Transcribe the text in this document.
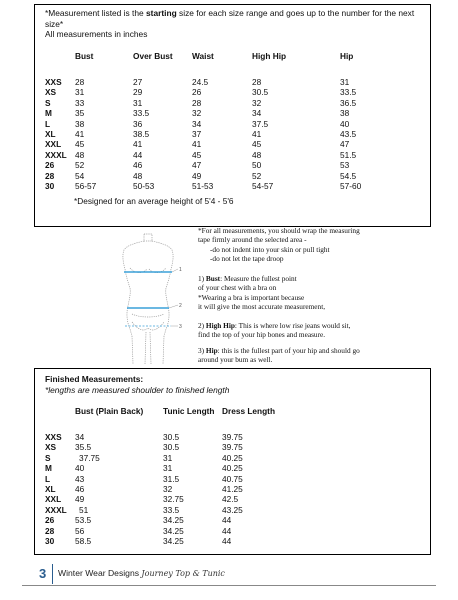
*Measurement listed is the starting size for each size range and goes up to the number for the next
size*
All measurements in inches
	Bust	Over Bust	Waist	High Hip	Hip
XXS	28	27	24.5	28	31
XS	31	29	26	30.5	33.5
S	33	31	28	32	36.5
M	35	33.5	32	34	38
L	38	36	34	37.5	40
XL	41	38.5	37	41	43.5
XXL	45	41	41	45	47
XXXL	48	44	45	48	51.5
26	52	46	47	50	53
28	54	48	49	52	54.5
30	56-57	50-53	51-53	54-57	57-60
*Designed for an average height of 5'4 - 5'6
1
2
3
*For all measurements, you should wrap the measuring
tape firmly around the selected area -
-do not indent into your skin or pull tight
-do not let the tape droop
1) Bust: Measure the fullest point
of your chest with a bra on
*Wearing a bra is important because
it will give the most accurate measurement,
2) High Hip: This is where low rise jeans would sit,
find the top of your hip bones and measure.
3) Hip: this is the fullest part of your hip and should go
around your bum as well.
Finished Measurements:
*lengths are measured shoulder to finished length
	Bust (Plain Back)	Tunic Length	Dress Length
XXS	34	30.5	39.75
XS	35.5	30.5	39.75
S	37.75	31	40.25
M	40	31	40.25
L	43	31.5	40.75
XL	46	32	41.25
XXL	49	32.75	42.5
XXXL	51	33.5	43.25
26	53.5	34.25	44
28	56	34.25	44
30	58.5	34.25	44
3 Winter Wear Designs Journey Top & Tunic
